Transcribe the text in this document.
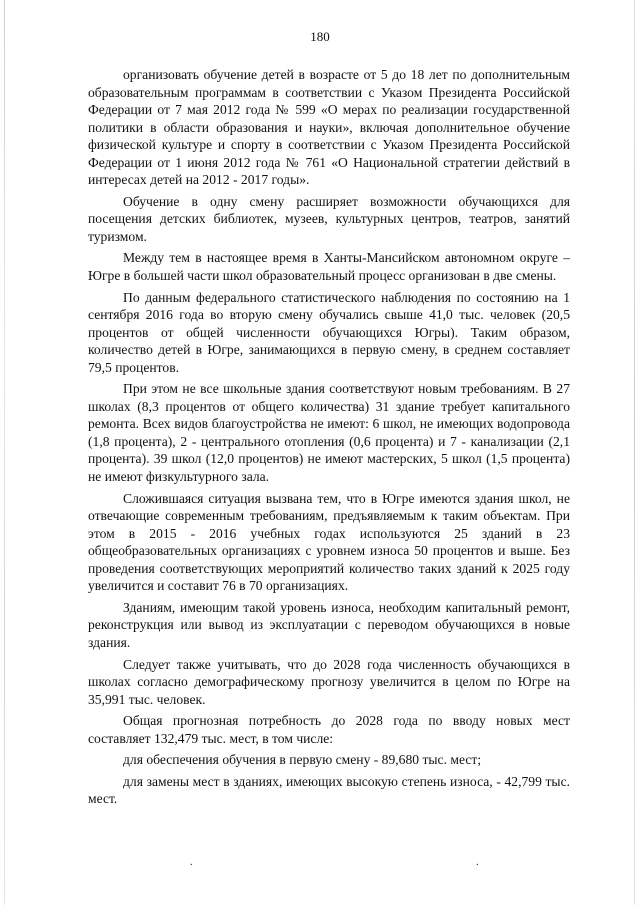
180

организовать обучение детей в возрасте от 5 до 18 лет по дополнительным образовательным программам в соответствии с Указом Президента Российской Федерации от 7 мая 2012 года № 599 «О мерах по реализации государственной политики в области образования и науки», включая дополнительное обучение физической культуре и спорту в соответствии с Указом Президента Российской Федерации от 1 июня 2012 года № 761 «О Национальной стратегии действий в интересах детей на 2012 - 2017 годы».

Обучение в одну смену расширяет возможности обучающихся для посещения детских библиотек, музеев, культурных центров, театров, занятий туризмом.

Между тем в настоящее время в Ханты-Мансийском автономном округе – Югре в большей части школ образовательный процесс организован в две смены.

По данным федерального статистического наблюдения по состоянию на 1 сентября 2016 года во вторую смену обучались свыше 41,0 тыс. человек (20,5 процентов от общей численности обучающихся Югры). Таким образом, количество детей в Югре, занимающихся в первую смену, в среднем составляет 79,5 процентов.

При этом не все школьные здания соответствуют новым требованиям. В 27 школах (8,3 процентов от общего количества) 31 здание требует капитального ремонта. Всех видов благоустройства не имеют: 6 школ, не имеющих водопровода (1,8 процента), 2 - центрального отопления (0,6 процента) и 7 - канализации (2,1 процента). 39 школ (12,0 процентов) не имеют мастерских, 5 школ (1,5 процента) не имеют физкультурного зала.

Сложившаяся ситуация вызвана тем, что в Югре имеются здания школ, не отвечающие современным требованиям, предъявляемым к таким объектам. При этом в 2015 - 2016 учебных годах используются 25 зданий в 23 общеобразовательных организациях с уровнем износа 50 процентов и выше. Без проведения соответствующих мероприятий количество таких зданий к 2025 году увеличится и составит 76 в 70 организациях.

Зданиям, имеющим такой уровень износа, необходим капитальный ремонт, реконструкция или вывод из эксплуатации с переводом обучающихся в новые здания.

Следует также учитывать, что до 2028 года численность обучающихся в школах согласно демографическому прогнозу увеличится в целом по Югре на 35,991 тыс. человек.

Общая прогнозная потребность до 2028 года по вводу новых мест составляет 132,479 тыс. мест, в том числе:

для обеспечения обучения в первую смену - 89,680 тыс. мест;

для замены мест в зданиях, имеющих высокую степень износа, - 42,799 тыс. мест.

.	.
